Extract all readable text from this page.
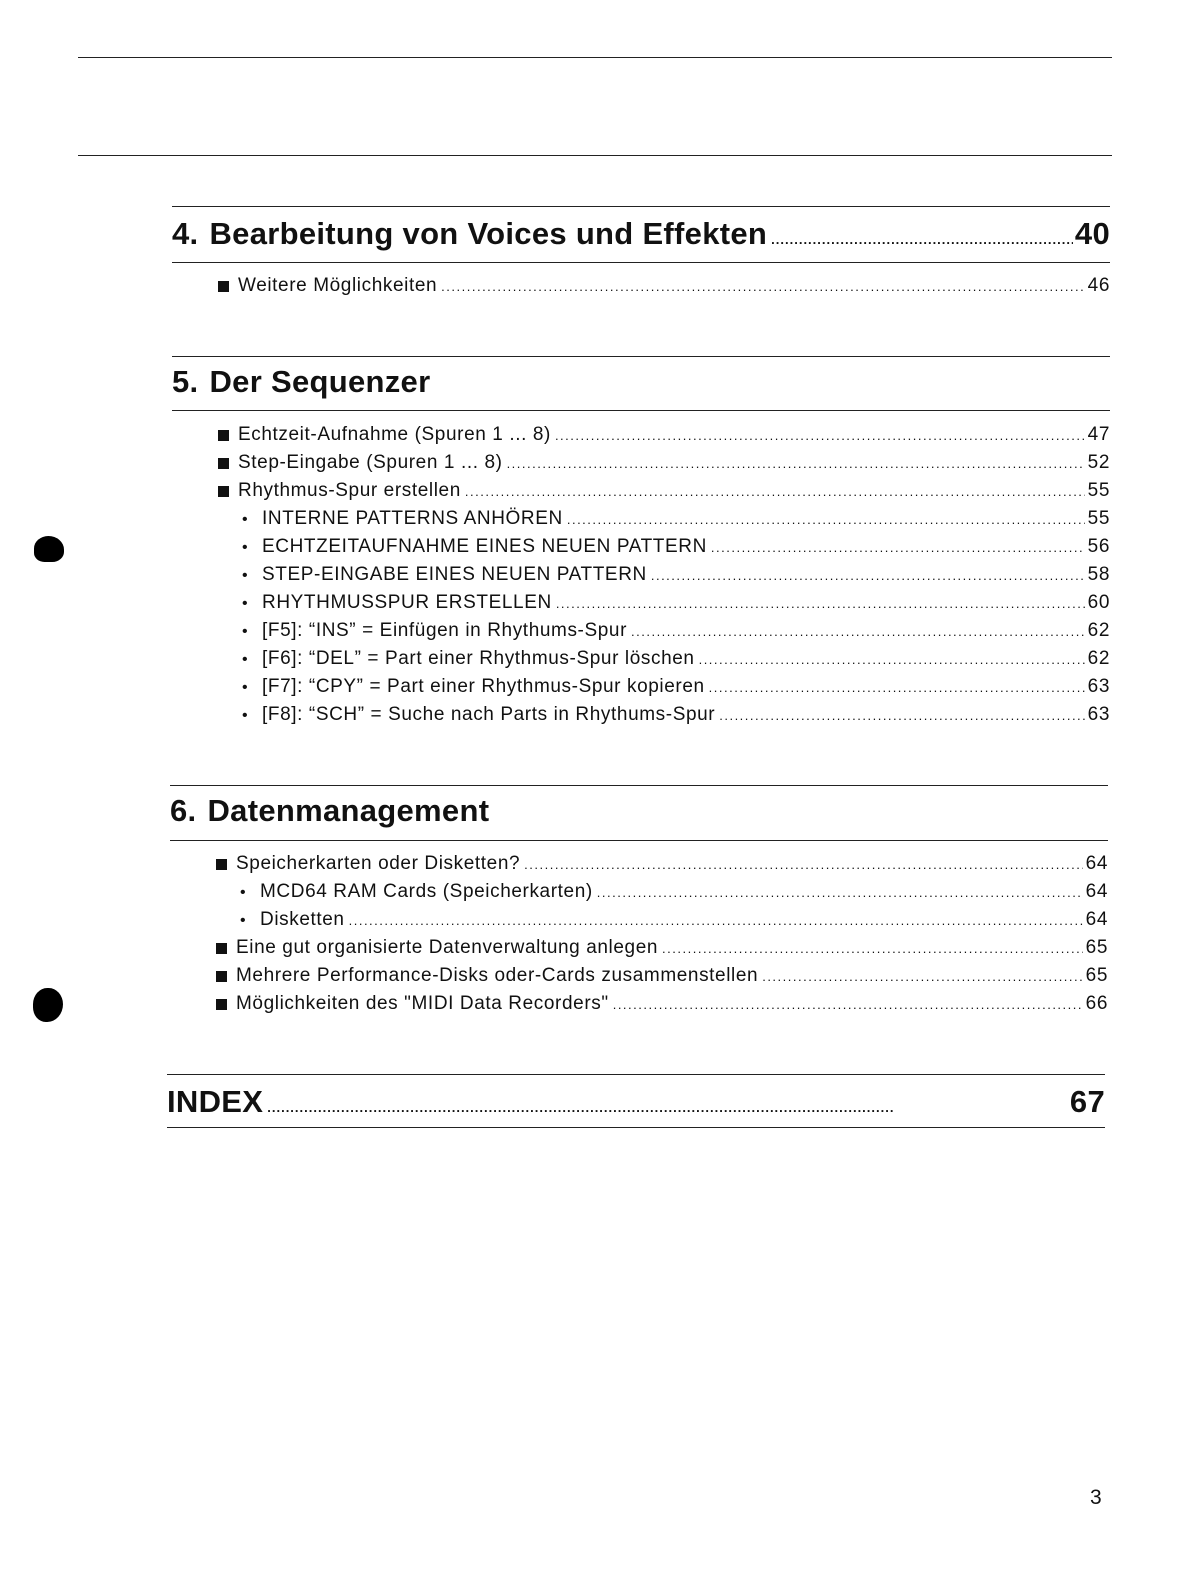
4. Bearbeitung von Voices und Effekten .....	40
Weitere Möglichkeiten .....	46
5. Der Sequenzer
Echtzeit-Aufnahme (Spuren 1 ... 8) .....	47
Step-Eingabe (Spuren 1 ... 8) .....	52
Rhythmus-Spur erstellen .....	55
• INTERNE PATTERNS ANHÖREN .....	55
• ECHTZEITAUFNAHME EINES NEUEN PATTERN .....	56
• STEP-EINGABE EINES NEUEN PATTERN .....	58
• RHYTHMUSSPUR ERSTELLEN .....	60
• [F5]: “INS” = Einfügen in Rhythums-Spur .....	62
• [F6]: “DEL” = Part einer Rhythmus-Spur löschen .....	62
• [F7]: “CPY” = Part einer Rhythmus-Spur kopieren .....	63
• [F8]: “SCH” = Suche nach Parts in Rhythums-Spur .....	63
6. Datenmanagement
Speicherkarten oder Disketten? .....	64
• MCD64 RAM Cards (Speicherkarten) .....	64
• Disketten .....	64
Eine gut organisierte Datenverwaltung anlegen .....	65
Mehrere Performance-Disks oder-Cards zusammenstellen .....	65
Möglichkeiten des "MIDI Data Recorders" .....	66
INDEX .....	67
3
